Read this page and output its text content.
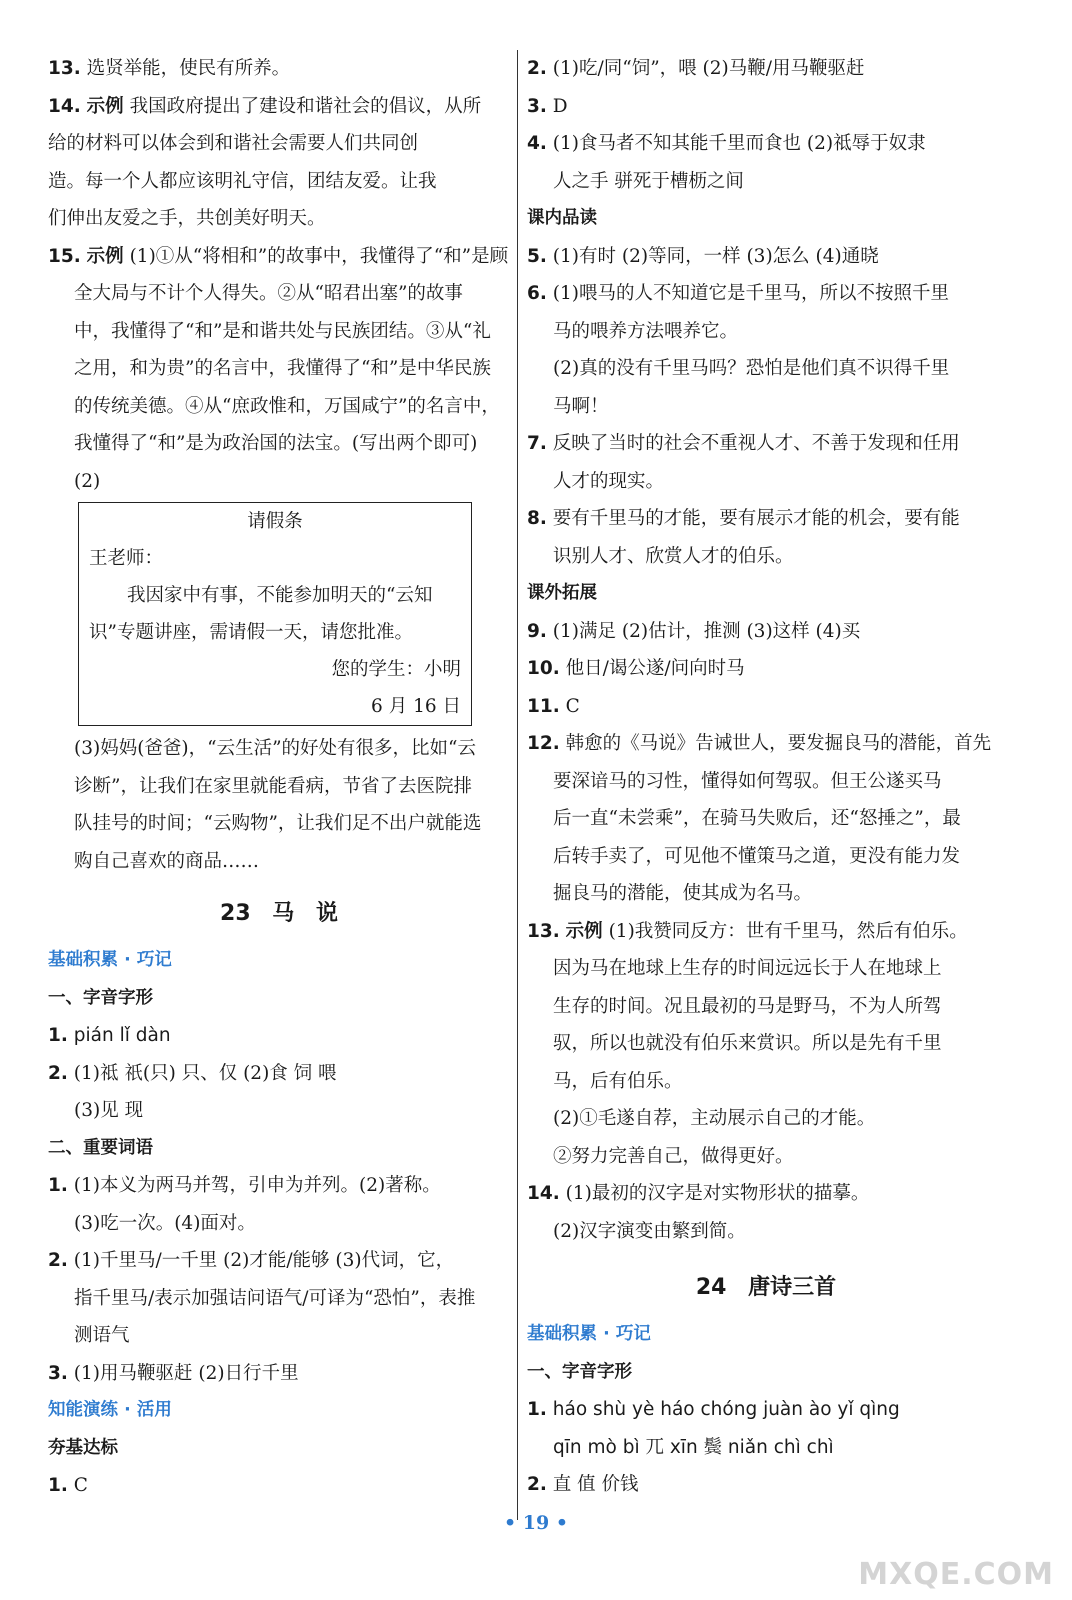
13. 选贤举能，使民有所养。
14. 示例 我国政府提出了建设和谐社会的倡议，从所
给的材料可以体会到和谐社会需要人们共同创
造。每一个人都应该明礼守信，团结友爱。让我
们伸出友爱之手，共创美好明天。
15. 示例 (1)①从“将相和”的故事中，我懂得了“和”是顾
全大局与不计个人得失。②从“昭君出塞”的故事
中，我懂得了“和”是和谐共处与民族团结。③从“礼
之用，和为贵”的名言中，我懂得了“和”是中华民族
的传统美德。④从“庶政惟和，万国咸宁”的名言中，
我懂得了“和”是为政治国的法宝。(写出两个即可)
(2)
请假条
王老师：
我因家中有事，不能参加明天的“云知
识”专题讲座，需请假一天，请您批准。
您的学生：小明
6 月 16 日
(3)妈妈(爸爸)，“云生活”的好处有很多，比如“云
诊断”，让我们在家里就能看病，节省了去医院排
队挂号的时间；“云购物”，让我们足不出户就能选
购自己喜欢的商品……
23 马 说
基础积累 · 巧记
一、字音字形
1. pián lǐ dàn
2. (1)祗 祇(只) 只、仅 (2)食 饲 喂
(3)见 现
二、重要词语
1. (1)本义为两马并驾，引申为并列。(2)著称。
(3)吃一次。(4)面对。
2. (1)千里马/一千里 (2)才能/能够 (3)代词，它，
指千里马/表示加强诘问语气/可译为“恐怕”，表推
测语气
3. (1)用马鞭驱赶 (2)日行千里
知能演练 · 活用
夯基达标
1. C
2. (1)吃/同“饲”，喂 (2)马鞭/用马鞭驱赶
3. D
4. (1)食马者不知其能千里而食也 (2)祗辱于奴隶
人之手 骈死于槽枥之间
课内品读
5. (1)有时 (2)等同，一样 (3)怎么 (4)通晓
6. (1)喂马的人不知道它是千里马，所以不按照千里
马的喂养方法喂养它。
(2)真的没有千里马吗？恐怕是他们真不识得千里
马啊！
7. 反映了当时的社会不重视人才、不善于发现和任用
人才的现实。
8. 要有千里马的才能，要有展示才能的机会，要有能
识别人才、欣赏人才的伯乐。
课外拓展
9. (1)满足 (2)估计，推测 (3)这样 (4)买
10. 他日/谒公遂/问向时马
11. C
12. 韩愈的《马说》告诫世人，要发掘良马的潜能，首先
要深谙马的习性，懂得如何驾驭。但王公遂买马
后一直“未尝乘”，在骑马失败后，还“怒捶之”，最
后转手卖了，可见他不懂策马之道，更没有能力发
掘良马的潜能，使其成为名马。
13. 示例 (1)我赞同反方：世有千里马，然后有伯乐。
因为马在地球上生存的时间远远长于人在地球上
生存的时间。况且最初的马是野马，不为人所驾
驭，所以也就没有伯乐来赏识。所以是先有千里
马，后有伯乐。
(2)①毛遂自荐，主动展示自己的才能。
②努力完善自己，做得更好。
14. (1)最初的汉字是对实物形状的描摹。
(2)汉字演变由繁到简。
24 唐诗三首
基础积累 · 巧记
一、字音字形
1. háo shù yè háo chóng juàn ào yǐ qìng
qīn mò bì 兀 xīn 鬓 niǎn chì chì
2. 直 值 价钱
• 19 •
MXQE.COM
